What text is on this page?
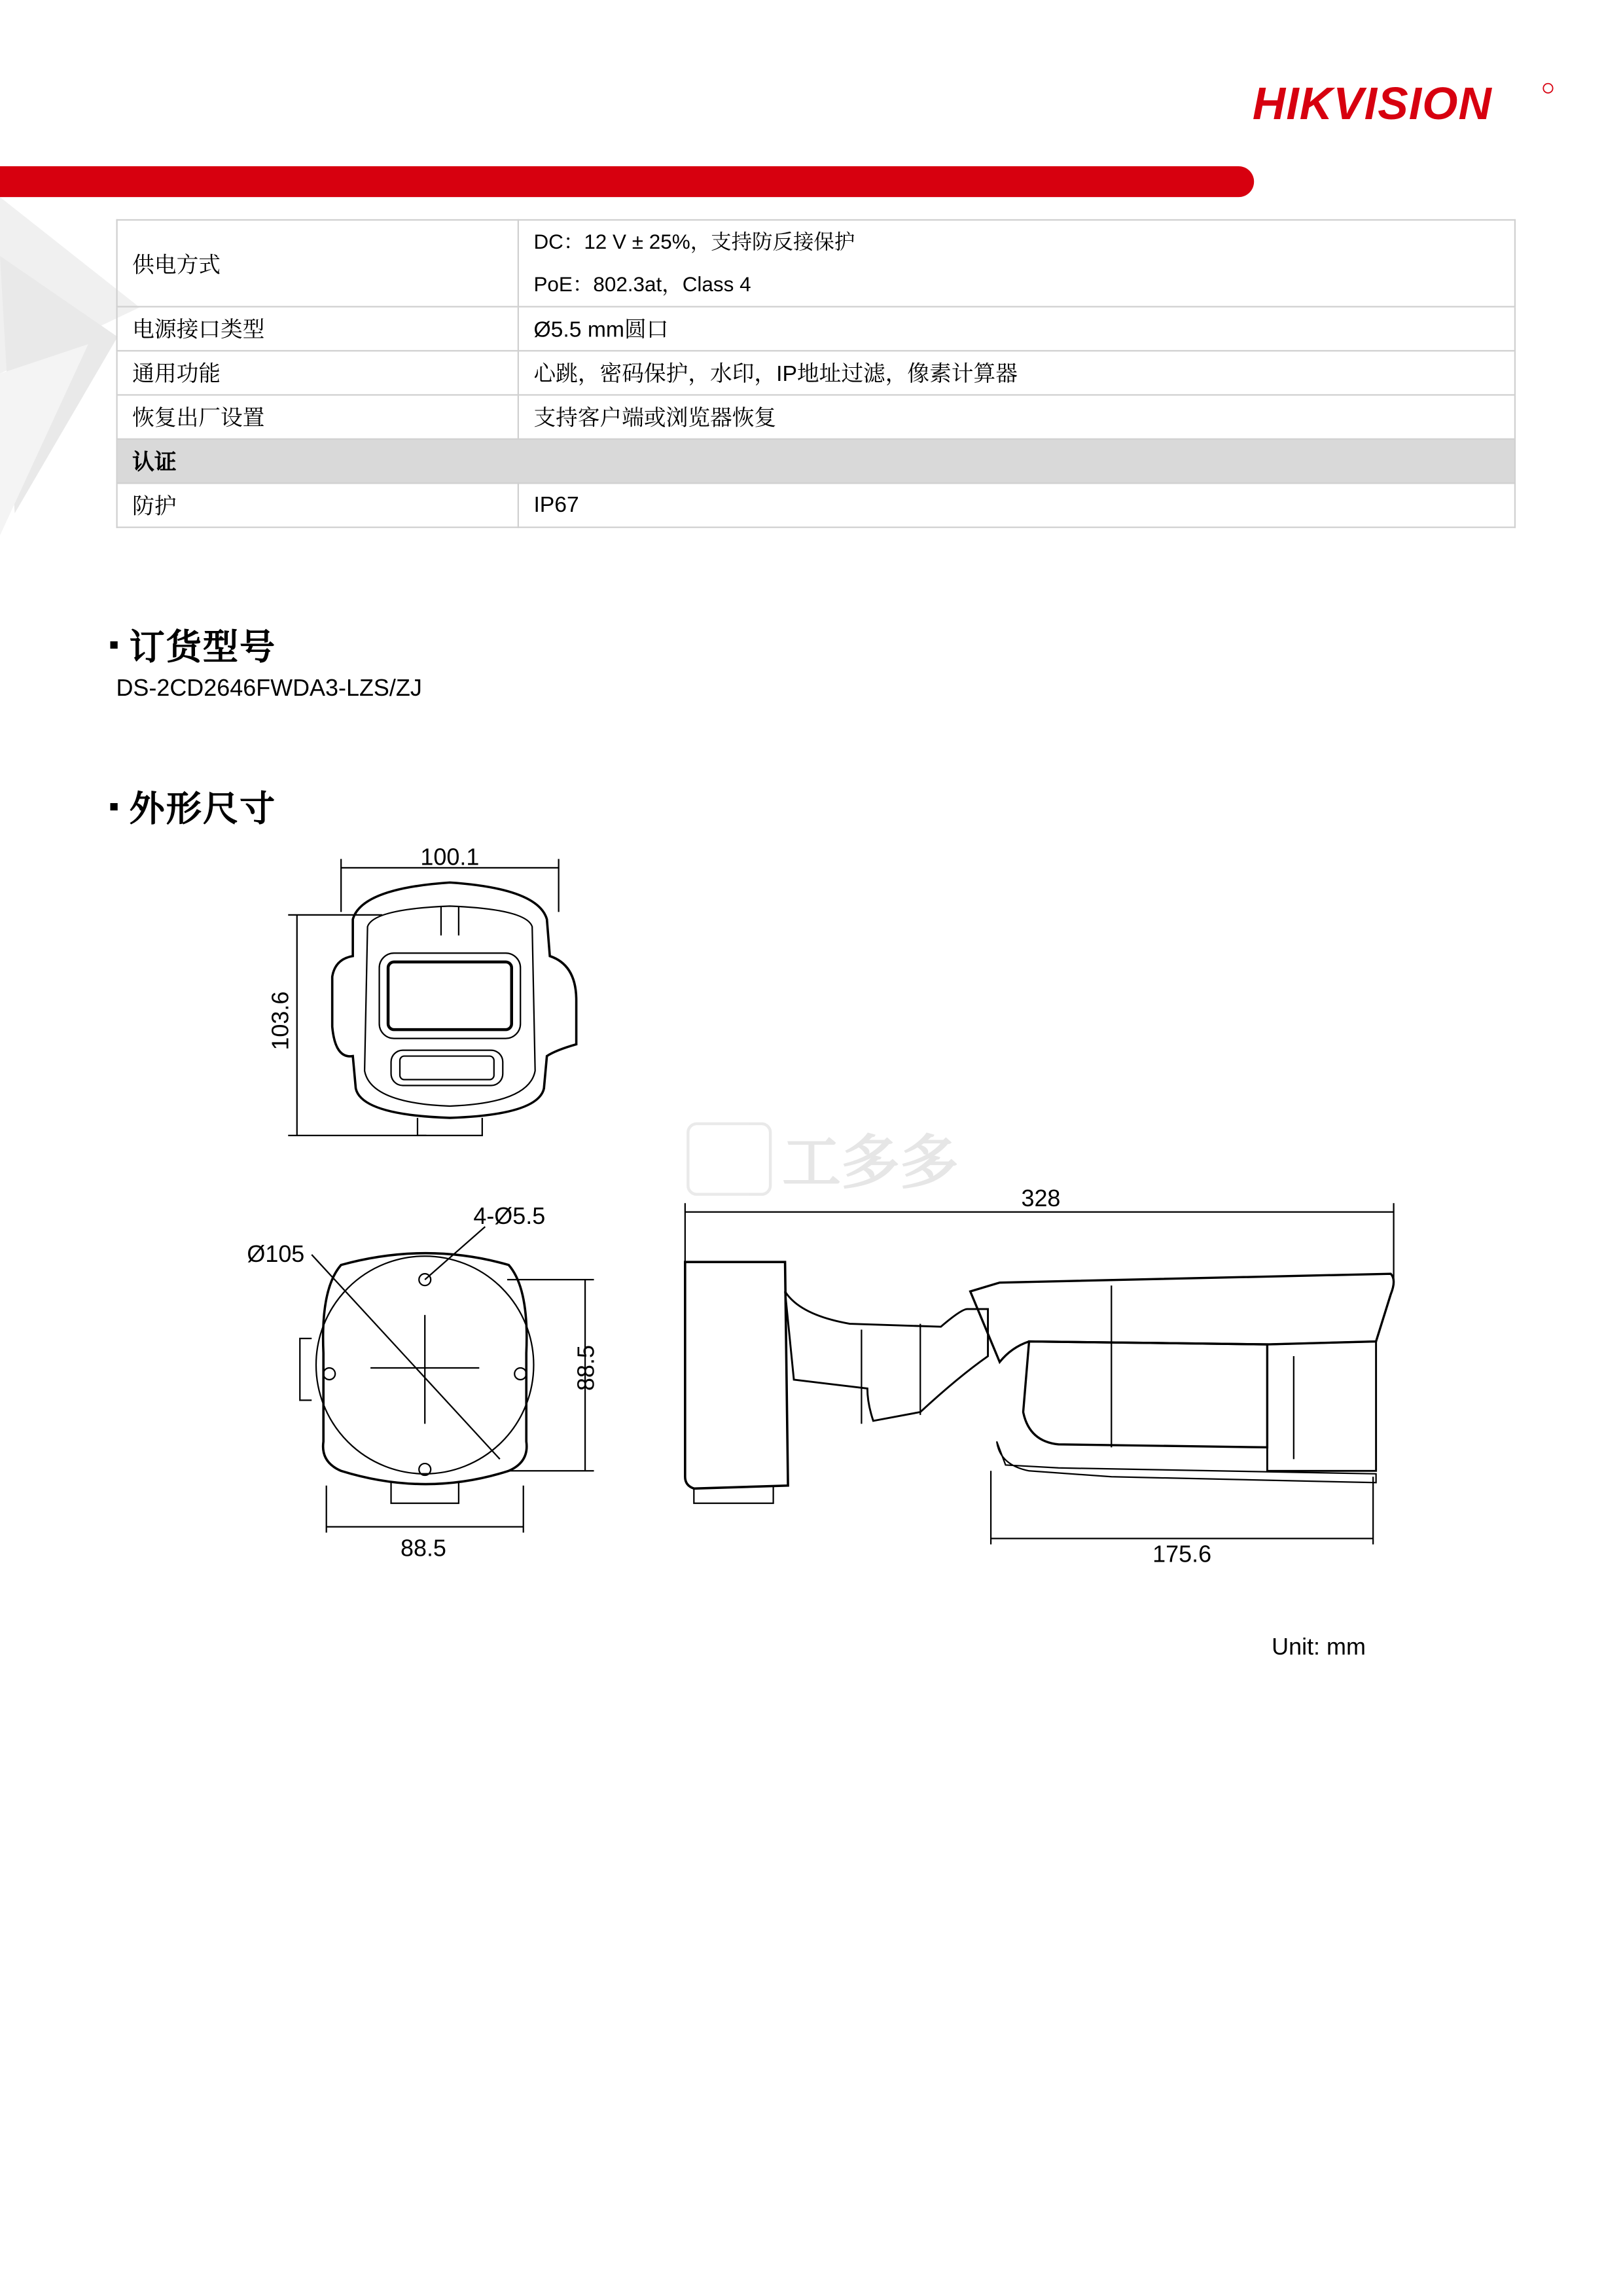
HIKVISION
供电方式	DC：12 V ± 25%，支持防反接保护
PoE：802.3at，Class 4

电源接口类型	Ø5.5 mm圆口
通用功能	心跳，密码保护，水印，IP地址过滤，像素计算器
恢复出厂设置	支持客户端或浏览器恢复
认证	
防护	IP67
订货型号
DS-2CD2646FWDA3-LZS/ZJ
外形尺寸
工多多
100.1
103.6
Ø105
4-Ø5.5
88.5
88.5
328
175.6
Unit: mm
